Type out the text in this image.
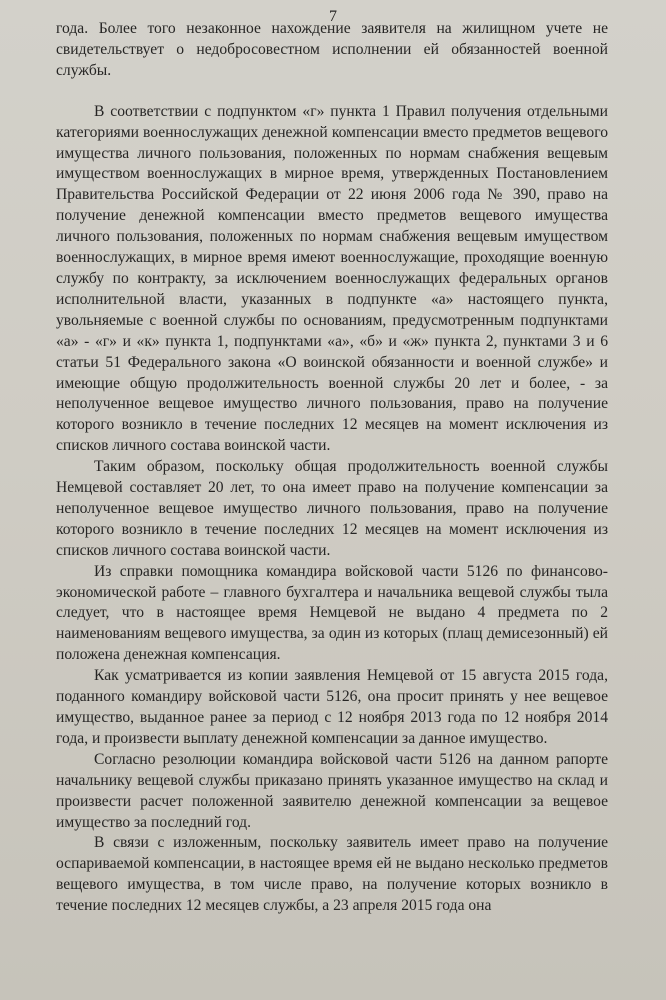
7

года. Более того незаконное нахождение заявителя на жилищном учете не свидетельствует о недобросовестном исполнении ей обязанностей военной службы.

В соответствии с подпунктом «г» пункта 1 Правил получения отдельными категориями военнослужащих денежной компенсации вместо предметов вещевого имущества личного пользования, положенных по нормам снабжения вещевым имуществом военнослужащих в мирное время, утвержденных Постановлением Правительства Российской Федерации от 22 июня 2006 года № 390, право на получение денежной компенсации вместо предметов вещевого имущества личного пользования, положенных по нормам снабжения вещевым имуществом военнослужащих, в мирное время имеют военнослужащие, проходящие военную службу по контракту, за исключением военнослужащих федеральных органов исполнительной власти, указанных в подпункте «а» настоящего пункта, увольняемые с военной службы по основаниям, предусмотренным подпунктами «а» - «г» и «к» пункта 1, подпунктами «а», «б» и «ж» пункта 2, пунктами 3 и 6 статьи 51 Федерального закона «О воинской обязанности и военной службе» и имеющие общую продолжительность военной службы 20 лет и более, - за неполученное вещевое имущество личного пользования, право на получение которого возникло в течение последних 12 месяцев на момент исключения из списков личного состава воинской части.

Таким образом, поскольку общая продолжительность военной службы Немцевой составляет 20 лет, то она имеет право на получение компенсации за неполученное вещевое имущество личного пользования, право на получение которого возникло в течение последних 12 месяцев на момент исключения из списков личного состава воинской части.

Из справки помощника командира войсковой части 5126 по финансово-экономической работе – главного бухгалтера и начальника вещевой службы тыла следует, что в настоящее время Немцевой не выдано 4 предмета по 2 наименованиям вещевого имущества, за один из которых (плащ демисезонный) ей положена денежная компенсация.

Как усматривается из копии заявления Немцевой от 15 августа 2015 года, поданного командиру войсковой части 5126, она просит принять у нее вещевое имущество, выданное ранее за период с 12 ноября 2013 года по 12 ноября 2014 года, и произвести выплату денежной компенсации за данное имущество.

Согласно резолюции командира войсковой части 5126 на данном рапорте начальнику вещевой службы приказано принять указанное имущество на склад и произвести расчет положенной заявителю денежной компенсации за вещевое имущество за последний год.

В связи с изложенным, поскольку заявитель имеет право на получение оспариваемой компенсации, в настоящее время ей не выдано несколько предметов вещевого имущества, в том числе право, на получение которых возникло в течение последних 12 месяцев службы, а 23 апреля 2015 года она
